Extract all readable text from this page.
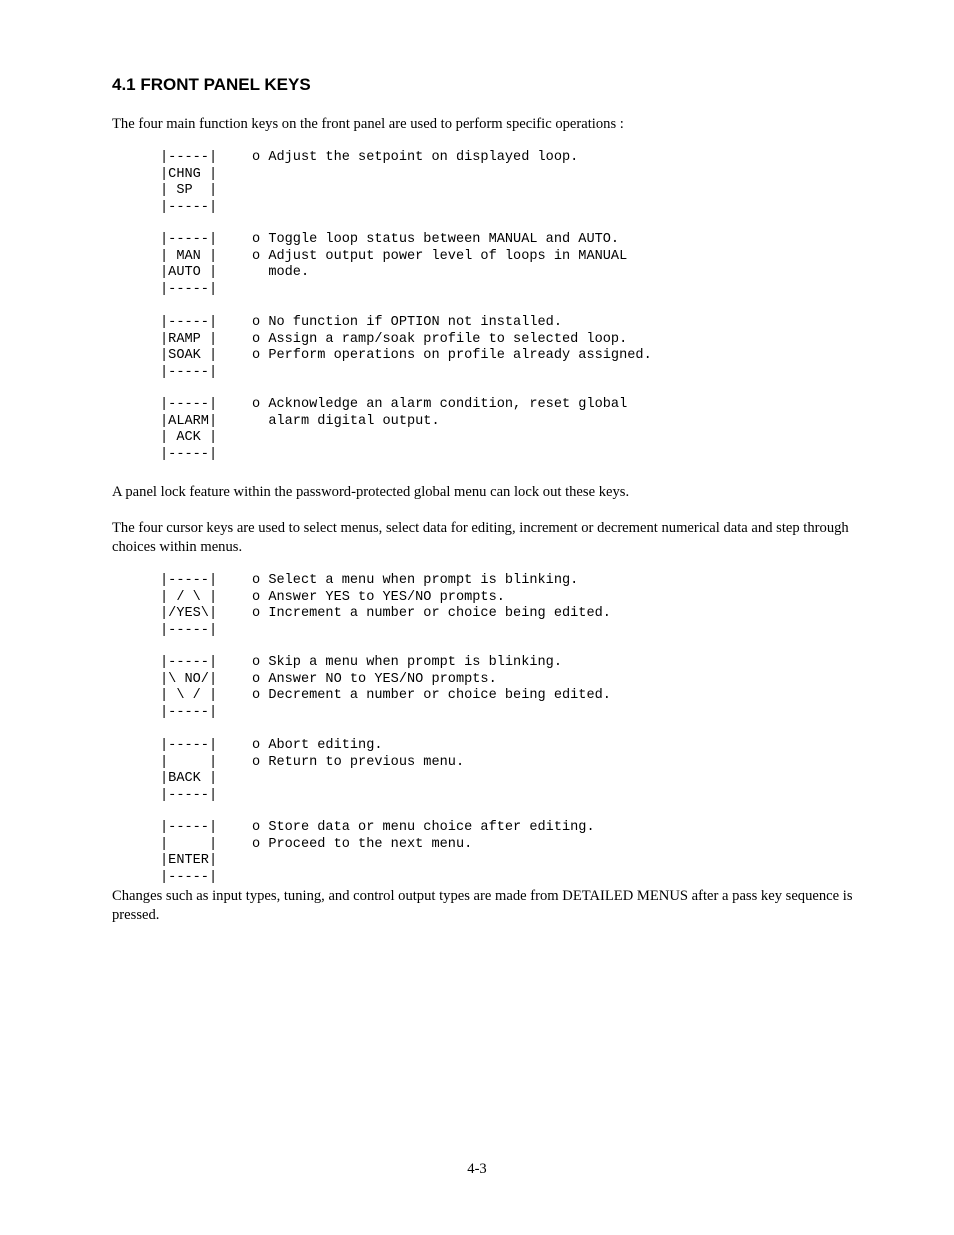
4.1 FRONT PANEL KEYS

The four main function keys on the front panel are used to perform specific operations :

|-----|
|CHNG |
| SP  |
|-----|
o Adjust the setpoint on displayed loop.
|-----|
| MAN |
|AUTO |
|-----|
o Toggle loop status between MANUAL and AUTO.
o Adjust output power level of loops in MANUAL
mode.
|-----|
|RAMP |
|SOAK |
|-----|
o No function if OPTION not installed.
o Assign a ramp/soak profile to selected loop.
o Perform operations on profile already assigned.
|-----|
|ALARM|
| ACK |
|-----|
o Acknowledge an alarm condition, reset global
alarm digital output.

A panel lock feature within the password-protected global menu can lock out these keys.

The four cursor keys are used to select menus, select data for editing, increment or decrement numerical data and step through choices within menus.

|-----|
| / \ |
|/YES\|
|-----|
o Select a menu when prompt is blinking.
o Answer YES to YES/NO prompts.
o Increment a number or choice being edited.
|-----|
|\ NO/|
| \ / |
|-----|
o Skip a menu when prompt is blinking.
o Answer NO to YES/NO prompts.
o Decrement a number or choice being edited.
|-----|
|     |
|BACK |
|-----|
o Abort editing.
o Return to previous menu.
|-----|
|     |
|ENTER|
|-----|
o Store data or menu choice after editing.
o Proceed to the next menu.

Changes such as input types, tuning, and control output types are made from DETAILED MENUS after a pass key sequence is pressed.

4-3
